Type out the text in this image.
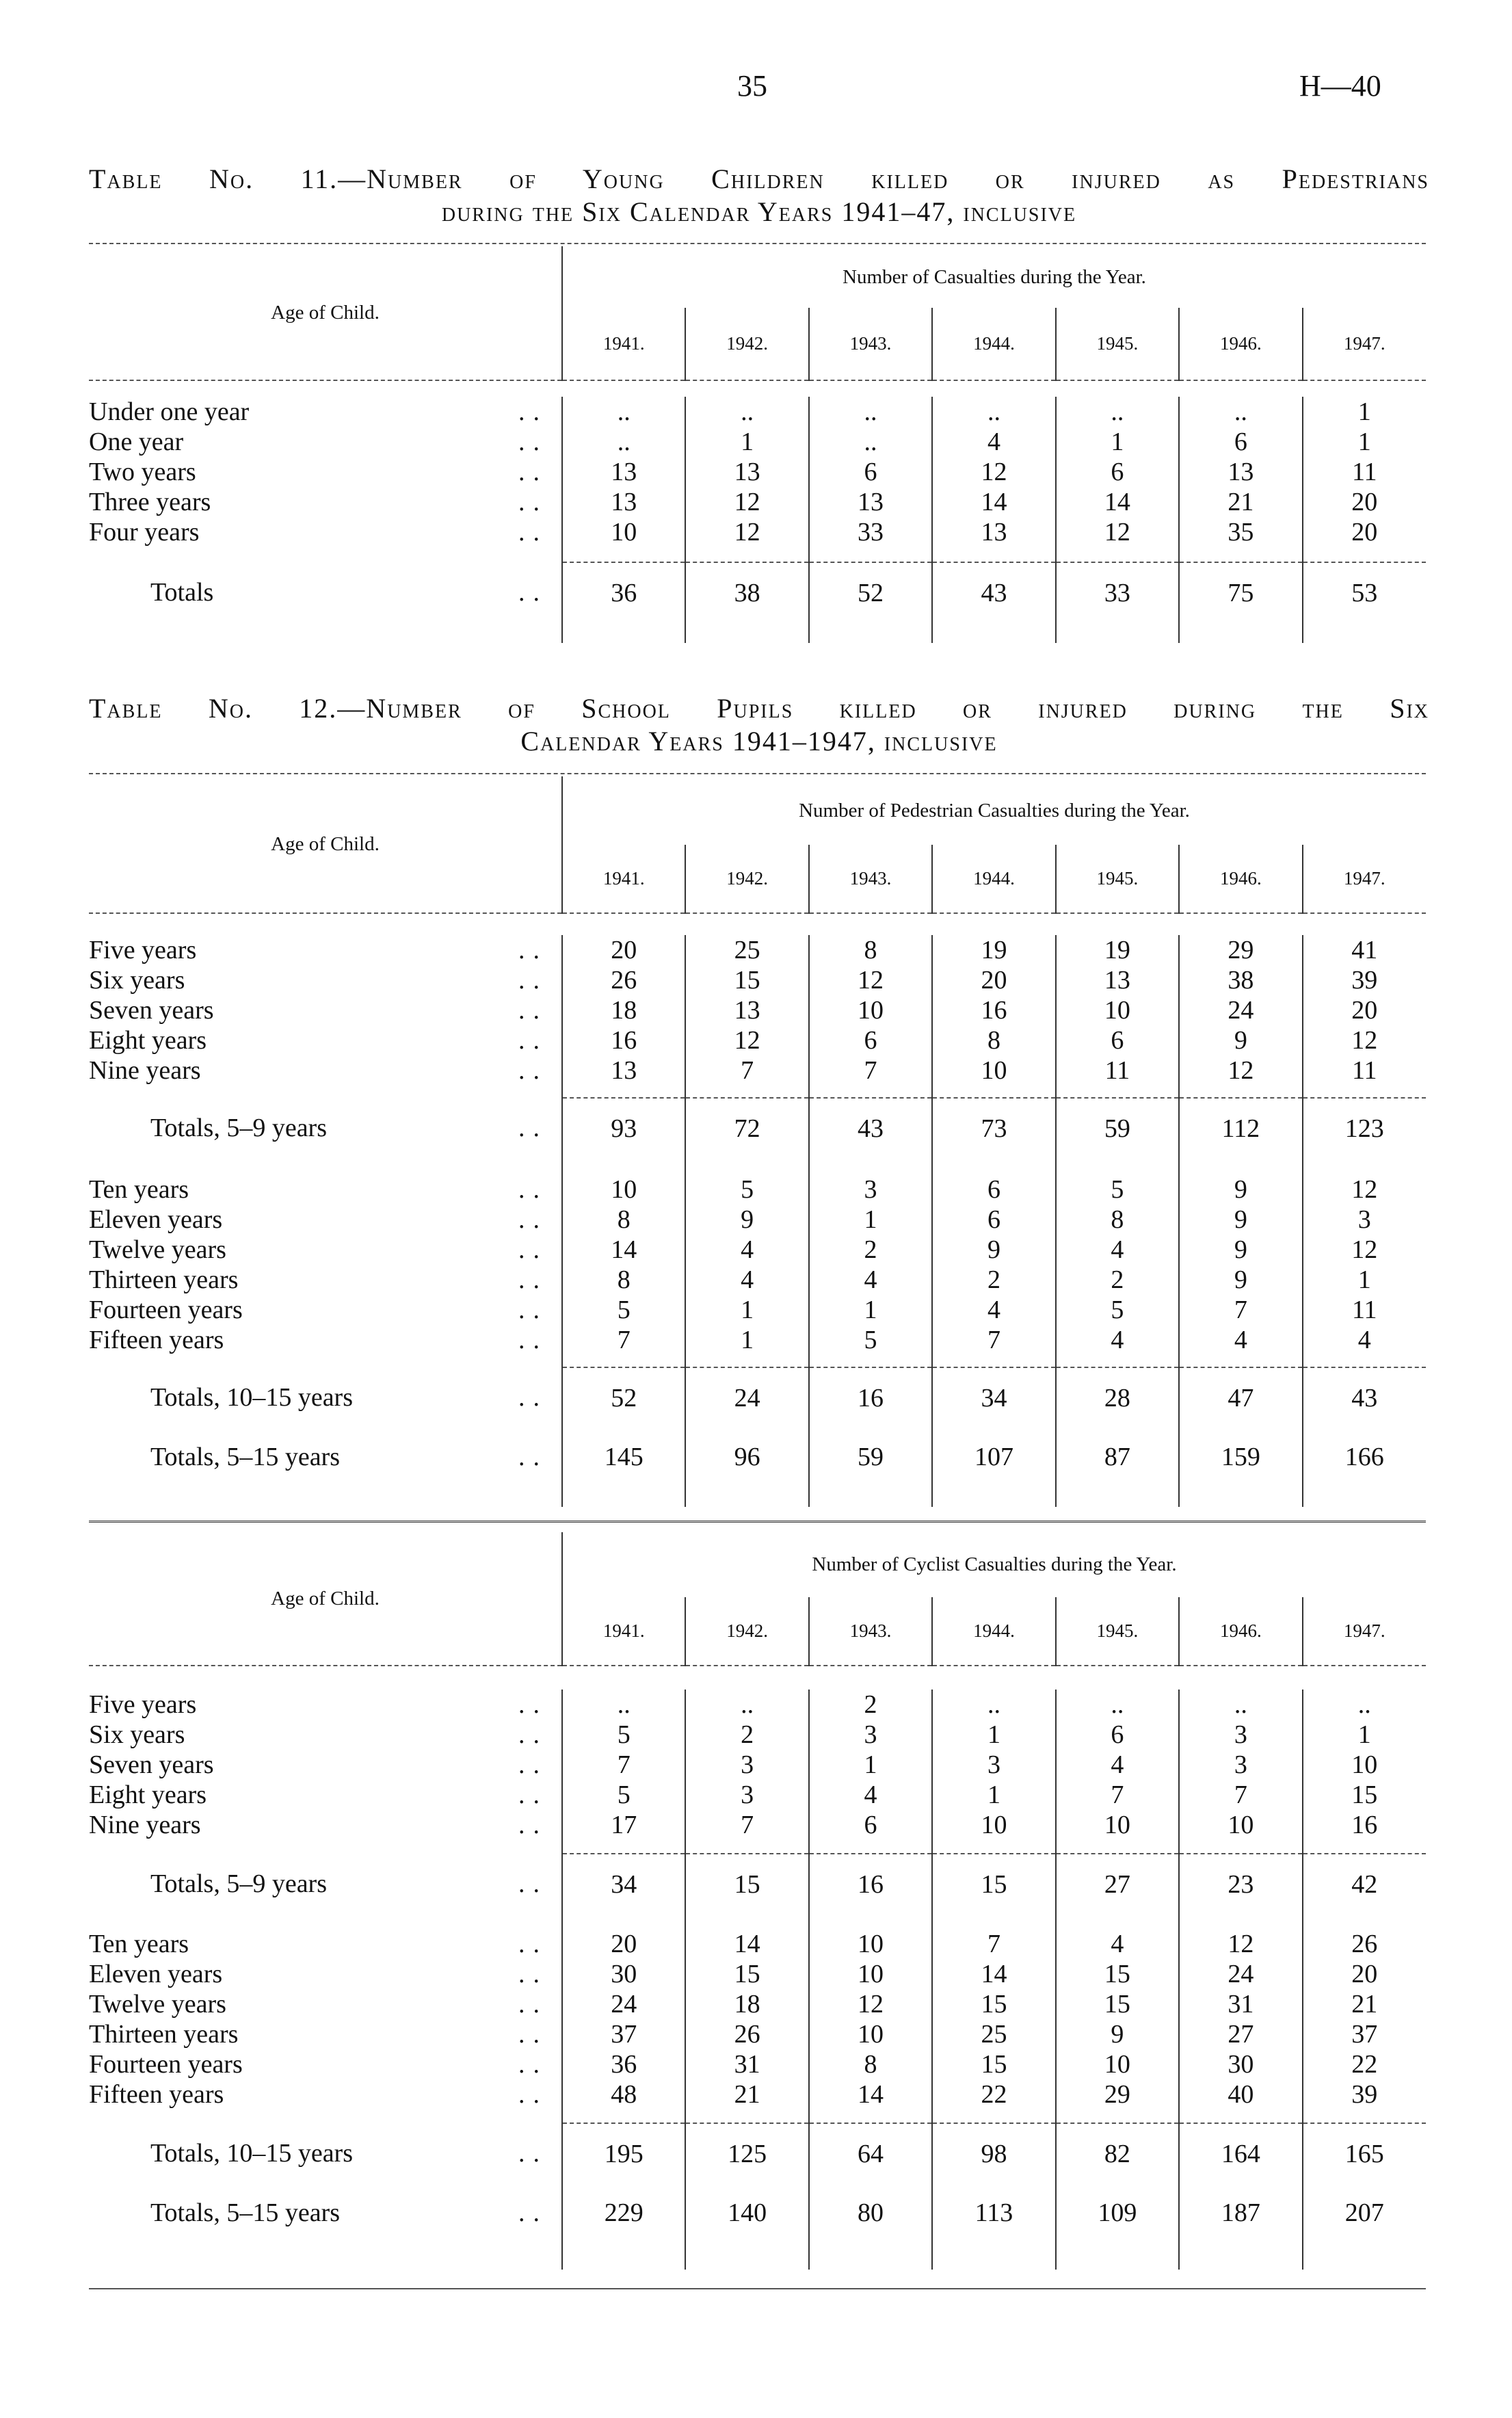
35	H—40
Table No. 11.—Number of Young Children killed or injured as Pedestrians
during the Six Calendar Years 1941–47, inclusive
Age of Child.	Number of Casualties during the Year.						
	1941.	1942.	1943.	1944.	1945.	1946.	1947.

Under one year ..	..	..	..	..	..	..	1
One year ..	..	1	..	4	1	6	1
Two years ..	13	13	6	12	6	13	11
Three years ..	13	12	13	14	14	21	20
Four years ..	10	12	33	13	12	35	20

Totals ..	36	38	52	43	33	75	53

Table No. 12.—Number of School Pupils killed or injured during the Six
Calendar Years 1941–1947, inclusive
Age of Child.	Number of Pedestrian Casualties during the Year.						
	1941.	1942.	1943.	1944.	1945.	1946.	1947.

Five years ..	20	25	8	19	19	29	41
Six years ..	26	15	12	20	13	38	39
Seven years ..	18	13	10	16	10	24	20
Eight years ..	16	12	6	8	6	9	12
Nine years ..	13	7	7	10	11	12	11

Totals, 5–9 years ..	93	72	43	73	59	112	123

Ten years ..	10	5	3	6	5	9	12
Eleven years ..	8	9	1	6	8	9	3
Twelve years ..	14	4	2	9	4	9	12
Thirteen years ..	8	4	4	2	2	9	1
Fourteen years ..	5	1	1	4	5	7	11
Fifteen years ..	7	1	5	7	4	4	4

Totals, 10–15 years ..	52	24	16	34	28	47	43
Totals, 5–15 years ..	145	96	59	107	87	159	166

Age of Child.	Number of Cyclist Casualties during the Year.						
	1941.	1942.	1943.	1944.	1945.	1946.	1947.

Five years ..	..	..	2	..	..	..	..
Six years ..	5	2	3	1	6	3	1
Seven years ..	7	3	1	3	4	3	10
Eight years ..	5	3	4	1	7	7	15
Nine years ..	17	7	6	10	10	10	16

Totals, 5–9 years ..	34	15	16	15	27	23	42

Ten years ..	20	14	10	7	4	12	26
Eleven years ..	30	15	10	14	15	24	20
Twelve years ..	24	18	12	15	15	31	21
Thirteen years ..	37	26	10	25	9	27	37
Fourteen years ..	36	31	8	15	10	30	22
Fifteen years ..	48	21	14	22	29	40	39

Totals, 10–15 years ..	195	125	64	98	82	164	165
Totals, 5–15 years ..	229	140	80	113	109	187	207
